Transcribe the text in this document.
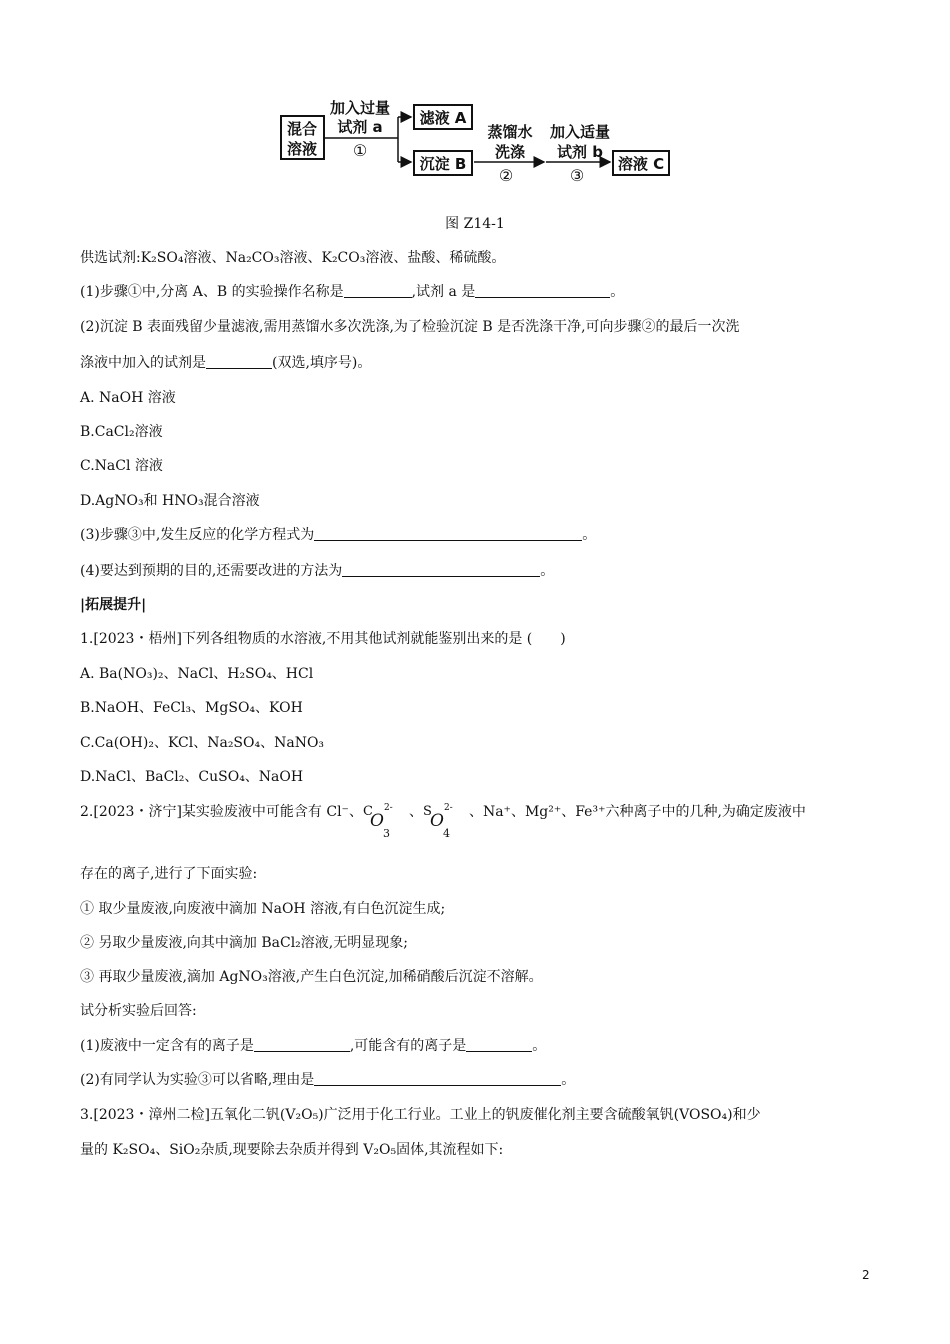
混合
溶液
加入过量
试剂 a
①
滤液 A
沉淀 B
蒸馏水
洗涤
②
加入适量
试剂 b
③
溶液 C
图 Z14-1
供选试剂:K₂SO₄溶液、Na₂CO₃溶液、K₂CO₃溶液、盐酸、稀硫酸。
(1)步骤①中,分离 A、B 的实验操作名称是	,试剂 a 是	。
(2)沉淀 B 表面残留少量滤液,需用蒸馏水多次洗涤,为了检验沉淀 B 是否洗涤干净,可向步骤②的最后一次洗
涤液中加入的试剂是	(双选,填序号)。
A. NaOH 溶液
B.CaCl₂溶液
C.NaCl 溶液
D.AgNO₃和 HNO₃混合溶液
(3)步骤③中,发生反应的化学方程式为	。
(4)要达到预期的目的,还需要改进的方法为	。
|拓展提升|
1.[2023・梧州]下列各组物质的水溶液,不用其他试剂就能鉴别出来的是 (　　)
A. Ba(NO₃)₂、NaCl、H₂SO₄、HCl
B.NaOH、FeCl₃、MgSO₄、KOH
C.Ca(OH)₂、KCl、Na₂SO₄、NaNO₃
D.NaCl、BaCl₂、CuSO₄、NaOH
2.[2023・济宁]某实验废液中可能含有 Cl⁻、 C
O
3
2- 、 S
O
4
2- 、Na⁺、Mg²⁺、Fe³⁺六种离子中的几种,为确定废液中
存在的离子,进行了下面实验:
① 取少量废液,向废液中滴加 NaOH 溶液,有白色沉淀生成;
② 另取少量废液,向其中滴加 BaCl₂溶液,无明显现象;
③ 再取少量废液,滴加 AgNO₃溶液,产生白色沉淀,加稀硝酸后沉淀不溶解。
试分析实验后回答:
(1)废液中一定含有的离子是	,可能含有的离子是	。
(2)有同学认为实验③可以省略,理由是	。
3.[2023・漳州二检]五氧化二钒(V₂O₅)广泛用于化工行业。工业上的钒废催化剂主要含硫酸氧钒(VOSO₄)和少
量的 K₂SO₄、SiO₂杂质,现要除去杂质并得到 V₂O₅固体,其流程如下:
2
